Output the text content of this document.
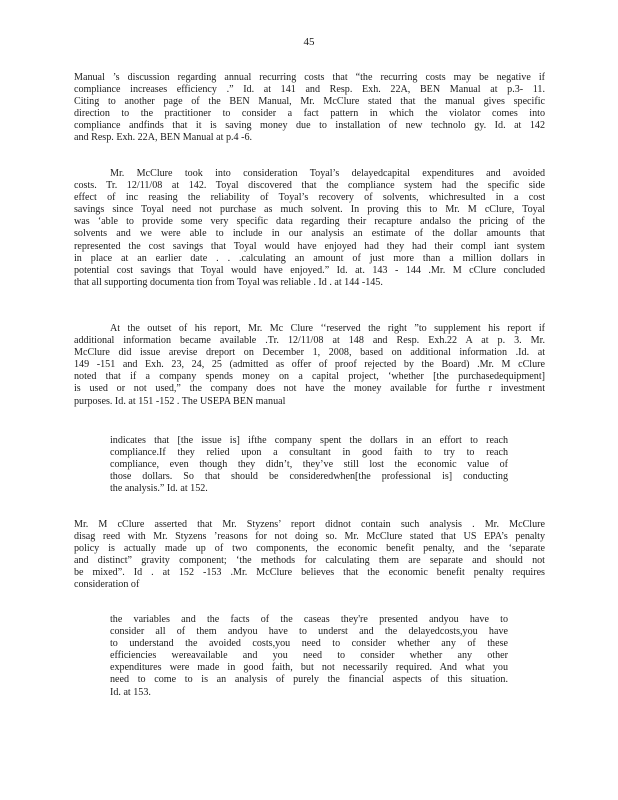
45
Manual ’s discussion regarding annual recurring costs that “the recurring costs may be negative if
compliance increases efficiency .” Id. at 141 and Resp. Exh. 22A, BEN Manual at p.3- 11.
Citing to another page of the BEN Manual, Mr. McClure stated that the manual gives specific
direction to the practitioner to consider a fact pattern in which the violator comes into
compliance andfinds that it is saving money due to installation of new technolo gy. Id. at 142
and Resp. Exh. 22A, BEN Manual at p.4 -6.
Mr. McClure took into consideration Toyal’s delayedcapital expenditures and avoided
costs. Tr. 12/11/08 at 142. Toyal discovered that the compliance system had the specific side
effect of inc reasing the reliability of Toyal’s recovery of solvents, whichresulted in a cost
savings since Toyal need not purchase as much solvent. In proving this to Mr. M cClure, Toyal
was ‘able to provide some very specific data regarding their recapture andalso the pricing of the
solvents and we were able to include in our analysis an estimate of the dollar amounts that
represented the cost savings that Toyal would have enjoyed had they had their compl iant system
in place at an earlier date . . .calculating an amount of just more than a million dollars in
potential cost savings that Toyal would have enjoyed.” Id. at. 143 - 144 .Mr. M cClure concluded
that all supporting documenta tion from Toyal was reliable . Id . at 144 -145.
At the outset of his report, Mr. Mc Clure ‘‘reserved the right ”to supplement his report if
additional information became available .Tr. 12/11/08 at 148 and Resp. Exh.22 A at p. 3. Mr.
McClure did issue arevise dreport on December 1, 2008, based on additional information .Id. at
149 -151 and Exh. 23, 24, 25 (admitted as offer of proof rejected by the Board) .Mr. M cClure
noted that if a company spends money on a capital project, ‘whether [the purchasedequipment]
is used or not used,” the company does not have the money available for furthe r investment
purposes. Id. at 151 -152 . The USEPA BEN manual
indicates that [the issue is] ifthe company spent the dollars in an effort to reach
compliance.If they relied upon a consultant in good faith to try to reach
compliance, even though they didn’t, they’ve still lost the economic value of
those dollars. So that should be consideredwhen[the professional is] conducting
the analysis.” Id. at 152.
Mr. M cClure asserted that Mr. Styzens’ report didnot contain such analysis . Mr. McClure
disag reed with Mr. Styzens ’reasons for not doing so. Mr. McClure stated that US EPA’s penalty
policy is actually made up of two components, the economic benefit penalty, and the ‘separate
and distinct” gravity component; ‘the methods for calculating them are separate and should not
be mixed”. Id . at 152 -153 .Mr. McClure believes that the economic benefit penalty requires
consideration of
the variables and the facts of the caseas they're presented andyou have to
consider all of them andyou have to underst and the delayedcosts,you have
to understand the avoided costs,you need to consider whether any of these
efficiencies wereavailable and you need to consider whether any other
expenditures were made in good faith, but not necessarily required. And what you
need to come to is an analysis of purely the financial aspects of this situation.
Id. at 153.
